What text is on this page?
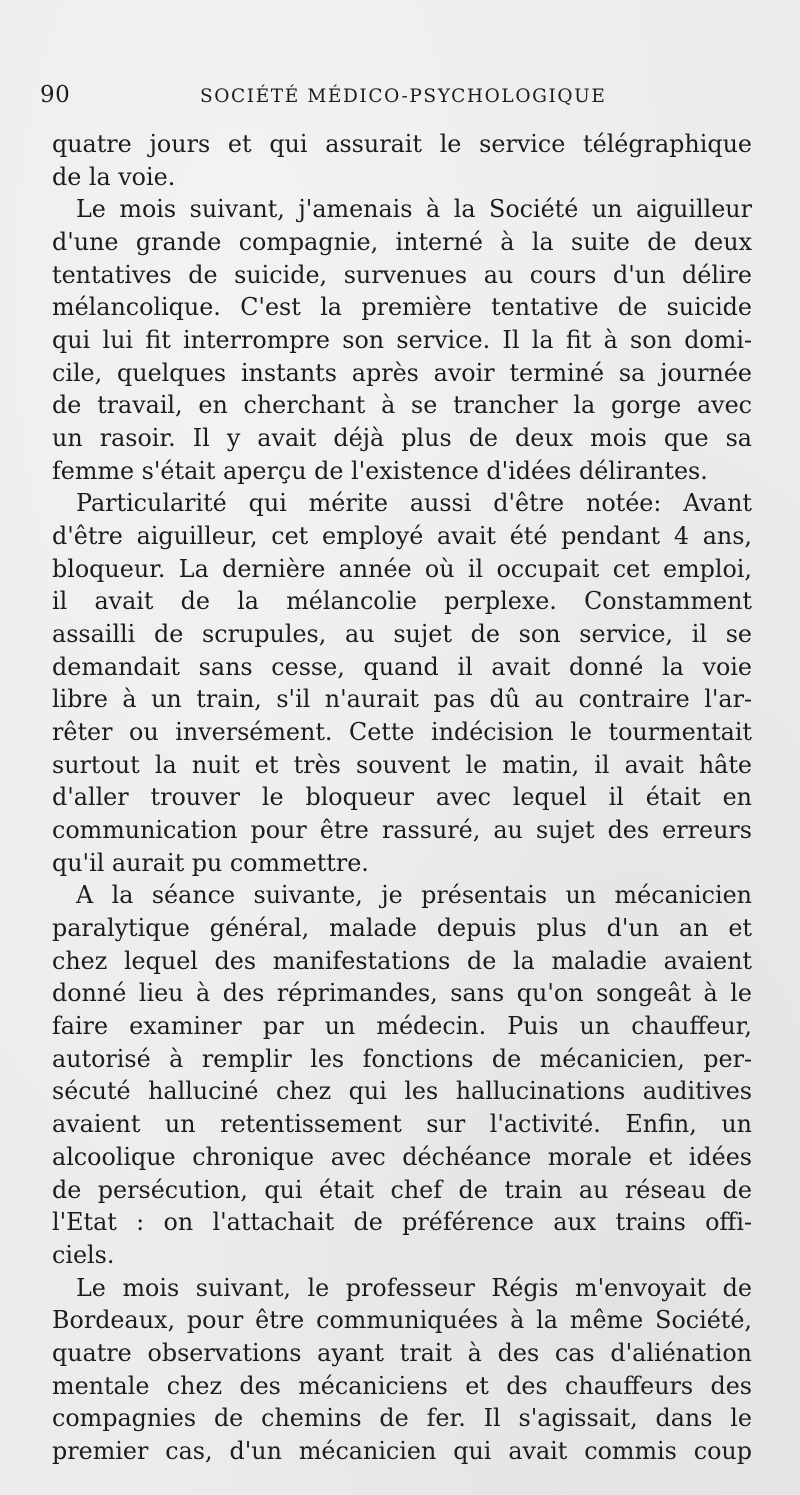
90	SOCIÉTÉ MÉDICO-PSYCHOLOGIQUE
quatre jours et qui assurait le service télégraphique
de la voie.
Le mois suivant, j'amenais à la Société un aiguilleur
d'une grande compagnie, interné à la suite de deux
tentatives de suicide, survenues au cours d'un délire
mélancolique. C'est la première tentative de suicide
qui lui fit interrompre son service. Il la fit à son domi-
cile, quelques instants après avoir terminé sa journée
de travail, en cherchant à se trancher la gorge avec
un rasoir. Il y avait déjà plus de deux mois que sa
femme s'était aperçu de l'existence d'idées délirantes.
Particularité qui mérite aussi d'être notée: Avant
d'être aiguilleur, cet employé avait été pendant 4 ans,
bloqueur. La dernière année où il occupait cet emploi,
il avait de la mélancolie perplexe. Constamment
assailli de scrupules, au sujet de son service, il se
demandait sans cesse, quand il avait donné la voie
libre à un train, s'il n'aurait pas dû au contraire l'ar-
rêter ou inversément. Cette indécision le tourmentait
surtout la nuit et très souvent le matin, il avait hâte
d'aller trouver le bloqueur avec lequel il était en
communication pour être rassuré, au sujet des erreurs
qu'il aurait pu commettre.
A la séance suivante, je présentais un mécanicien
paralytique général, malade depuis plus d'un an et
chez lequel des manifestations de la maladie avaient
donné lieu à des réprimandes, sans qu'on songeât à le
faire examiner par un médecin. Puis un chauffeur,
autorisé à remplir les fonctions de mécanicien, per-
sécuté halluciné chez qui les hallucinations auditives
avaient un retentissement sur l'activité. Enfin, un
alcoolique chronique avec déchéance morale et idées
de persécution, qui était chef de train au réseau de
l'Etat : on l'attachait de préférence aux trains offi-
ciels.
Le mois suivant, le professeur Régis m'envoyait de
Bordeaux, pour être communiquées à la même Société,
quatre observations ayant trait à des cas d'aliénation
mentale chez des mécaniciens et des chauffeurs des
compagnies de chemins de fer. Il s'agissait, dans le
premier cas, d'un mécanicien qui avait commis coup
